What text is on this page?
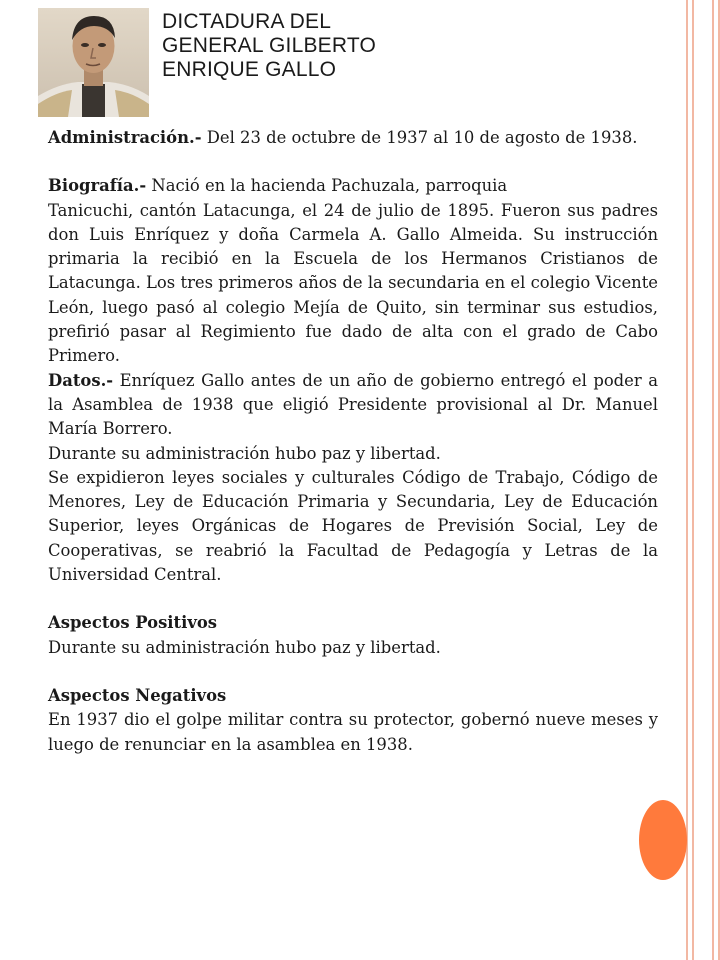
DICTADURA DEL
GENERAL GILBERTO
ENRIQUE GALLO

Administración.- Del 23 de octubre de 1937 al 10 de agosto de 1938.

Biografía.- Nació en la hacienda Pachuzala, parroquia

Tanicuchi, cantón Latacunga, el 24 de julio de 1895. Fueron sus padres don Luis Enríquez y doña Carmela A. Gallo Almeida. Su instrucción primaria la recibió en la Escuela de los Hermanos Cristianos de Latacunga. Los tres primeros años de la secundaria en el colegio Vicente León, luego pasó al colegio Mejía de Quito, sin terminar sus estudios, prefirió pasar al Regimiento fue dado de alta con el grado de Cabo Primero.

Datos.- Enríquez Gallo antes de un año de gobierno entregó el poder a la Asamblea de 1938 que eligió Presidente provisional al Dr. Manuel María Borrero.

Durante su administración hubo paz y libertad.

Se expidieron leyes sociales y culturales Código de Trabajo, Código de Menores, Ley de Educación Primaria y Secundaria, Ley de Educación Superior, leyes Orgánicas de Hogares de Previsión Social, Ley de Cooperativas, se reabrió la Facultad de Pedagogía y Letras de la Universidad Central.

Aspectos Positivos

Durante su administración hubo paz y libertad.

Aspectos Negativos

En 1937 dio el golpe militar contra su protector, gobernó nueve meses y luego de renunciar en la asamblea en 1938.
